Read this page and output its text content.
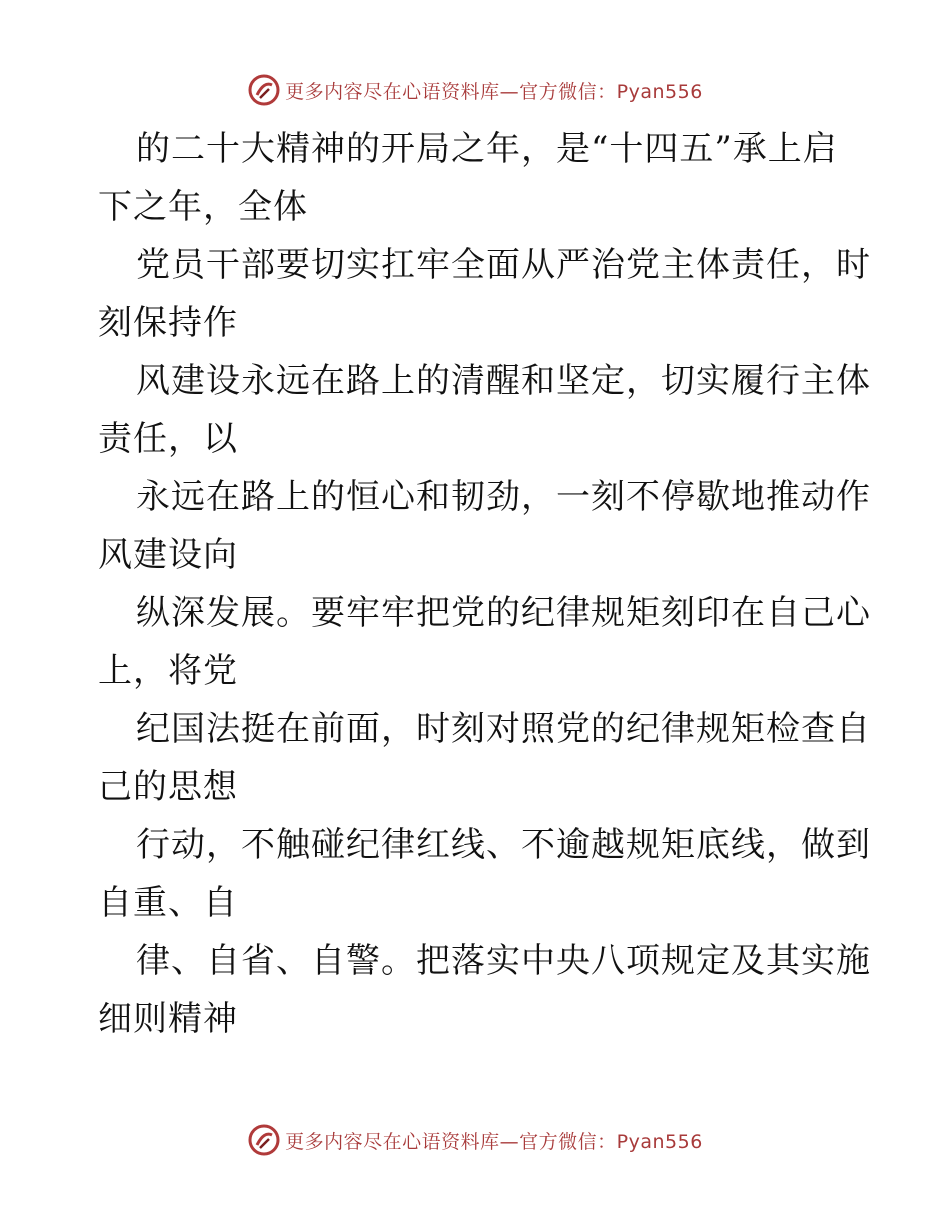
更多内容尽在心语资料库—官方微信：Pyan556

的二十大精神的开局之年，是“十四五”承上启

下之年，全体

党员干部要切实扛牢全面从严治党主体责任，时

刻保持作

风建设永远在路上的清醒和坚定，切实履行主体

责任，以

永远在路上的恒心和韧劲，一刻不停歇地推动作

风建设向

纵深发展。要牢牢把党的纪律规矩刻印在自己心

上，将党

纪国法挺在前面，时刻对照党的纪律规矩检查自

己的思想

行动，不触碰纪律红线、不逾越规矩底线，做到

自重、自

律、自省、自警。把落实中央八项规定及其实施

细则精神

更多内容尽在心语资料库—官方微信：Pyan556
